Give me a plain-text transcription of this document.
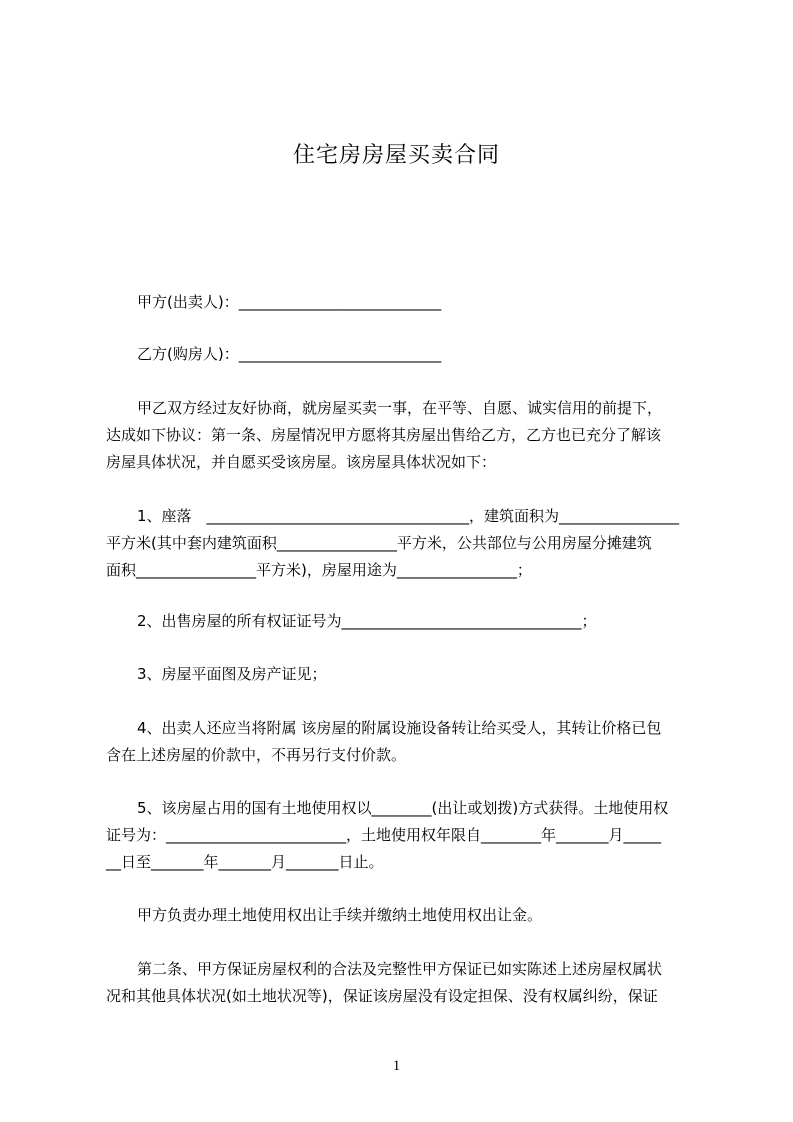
住宅房房屋买卖合同
甲方(出卖人)：___________________________
乙方(购房人)：___________________________
甲乙双方经过友好协商，就房屋买卖一事，在平等、自愿、诚实信用的前提下，
达成如下协议：第一条、房屋情况甲方愿将其房屋出售给乙方，乙方也已充分了解该
房屋具体状况，并自愿买受该房屋。该房屋具体状况如下：
1、座落　___________________________________，建筑面积为________________
平方米(其中套内建筑面积________________平方米，公共部位与公用房屋分摊建筑
面积________________平方米)，房屋用途为________________；
2、出售房屋的所有权证证号为________________________________；
3、房屋平面图及房产证见；
4、出卖人还应当将附属 该房屋的附属设施设备转让给买受人，其转让价格已包
含在上述房屋的价款中，不再另行支付价款。
5、该房屋占用的国有土地使用权以________(出让或划拨)方式获得。土地使用权
证号为：________________________，土地使用权年限自________年_______月_____
__日至_______年_______月_______日止。
甲方负责办理土地使用权出让手续并缴纳土地使用权出让金。
第二条、甲方保证房屋权利的合法及完整性甲方保证已如实陈述上述房屋权属状
况和其他具体状况(如土地状况等)，保证该房屋没有设定担保、没有权属纠纷，保证
1
